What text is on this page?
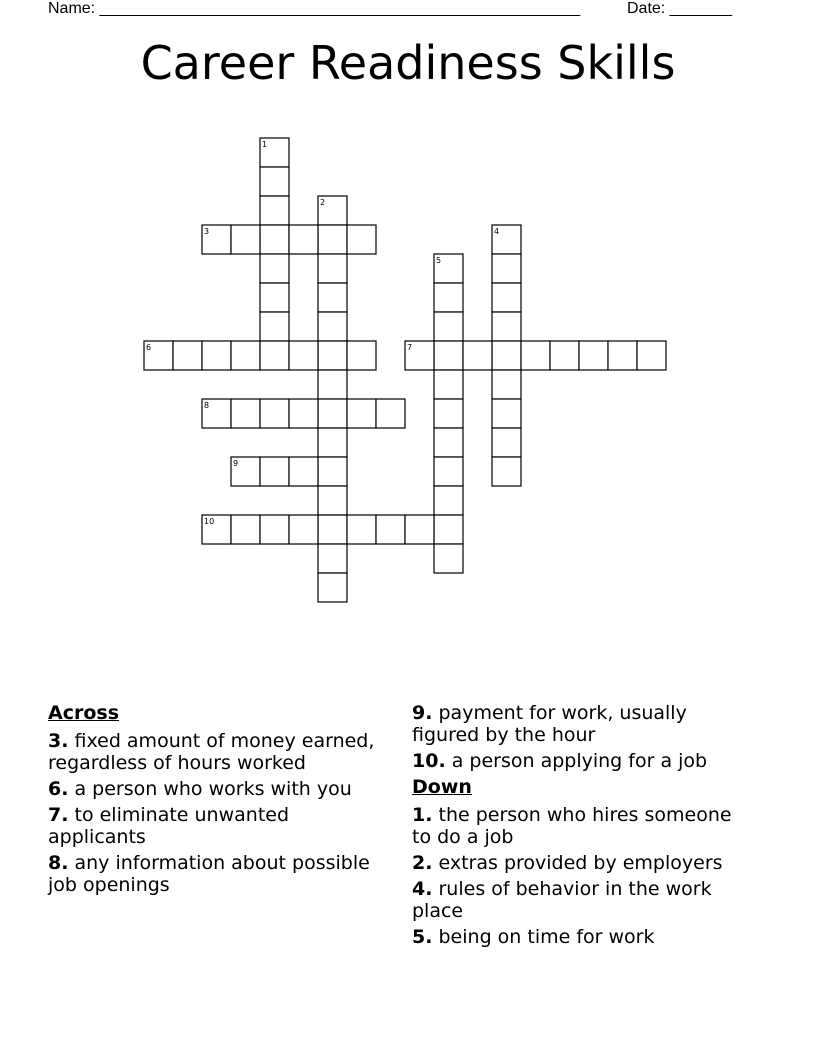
Name: ______________________________________________________	Date: _______
Career Readiness Skills
1
2
3	4
5
6	7
8
9
10
Across
3. fixed amount of money earned, regardless of hours worked
6. a person who works with you
7. to eliminate unwanted applicants
8. any information about possible job openings
9. payment for work, usually figured by the hour
10. a person applying for a job
Down
1. the person who hires someone to do a job
2. extras provided by employers
4. rules of behavior in the work place
5. being on time for work
